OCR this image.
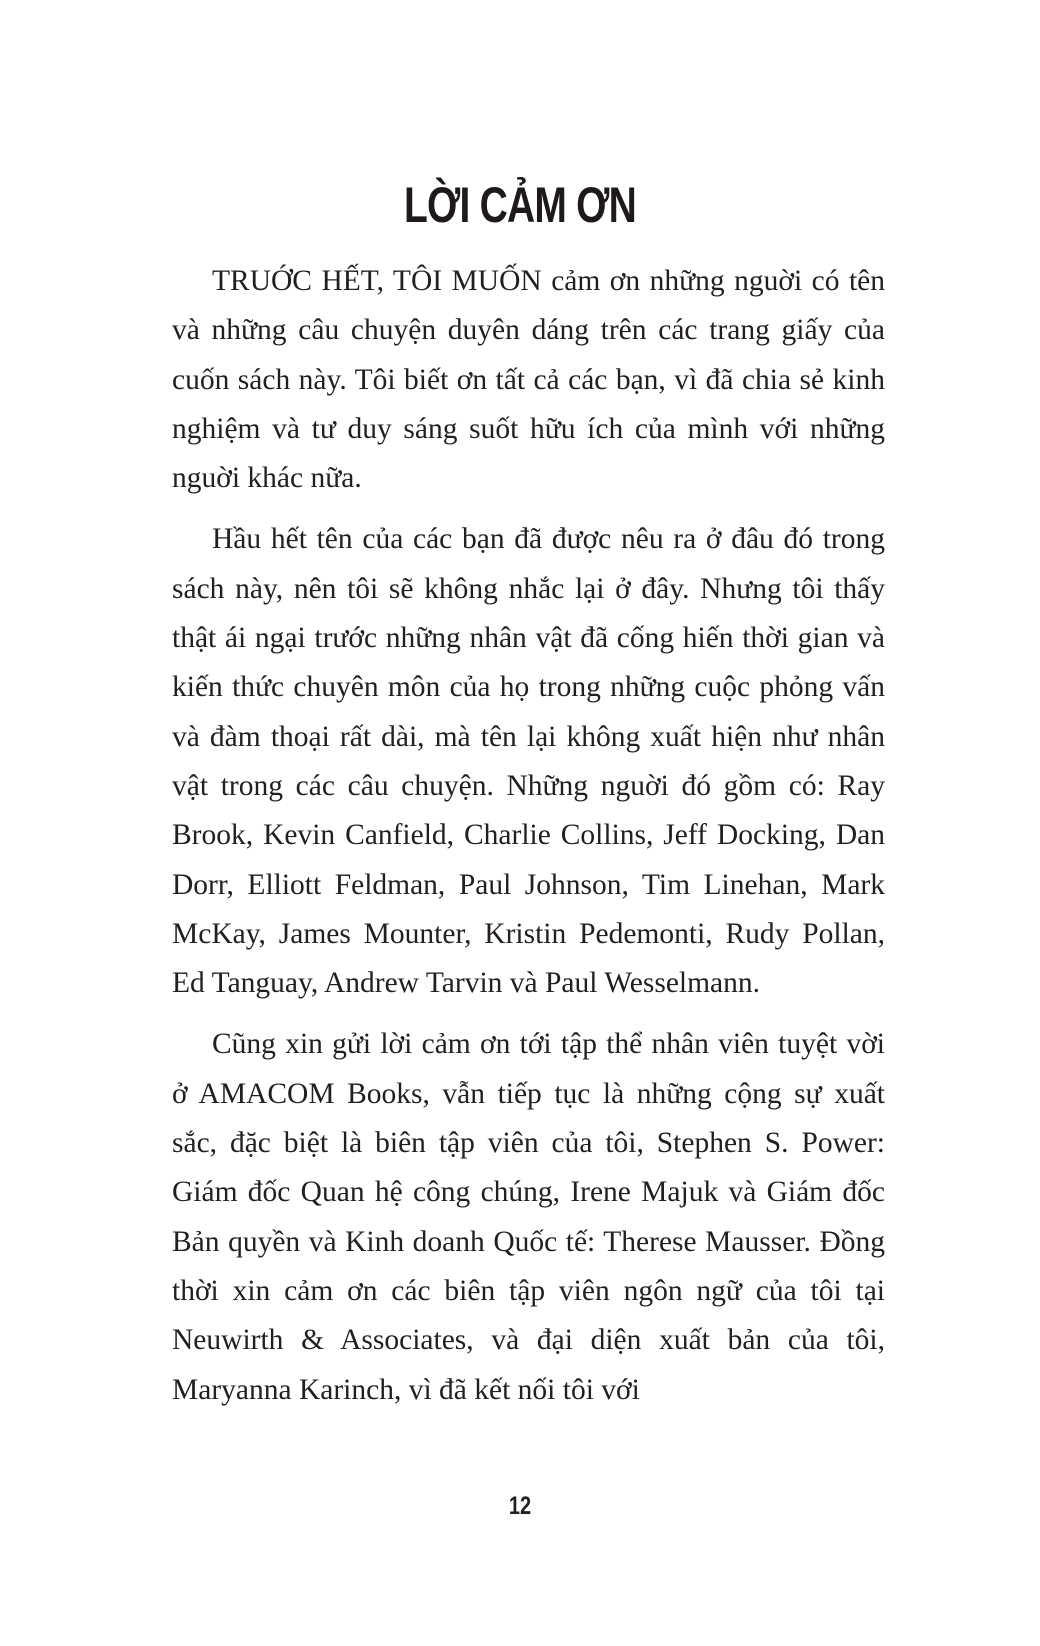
LỜI CẢM ƠN

TRUỚC HẾT, TÔI MUỐN cảm ơn những nguời có tên và những câu chuyện duyên dáng trên các trang giấy của cuốn sách này. Tôi biết ơn tất cả các bạn, vì đã chia sẻ kinh nghiệm và tư duy sáng suốt hữu ích của mình với những nguời khác nữa.

Hầu hết tên của các bạn đã được nêu ra ở đâu đó trong sách này, nên tôi sẽ không nhắc lại ở đây. Nhưng tôi thấy thật ái ngại trước những nhân vật đã cống hiến thời gian và kiến thức chuyên môn của họ trong những cuộc phỏng vấn và đàm thoại rất dài, mà tên lại không xuất hiện như nhân vật trong các câu chuyện. Những nguời đó gồm có: Ray Brook, Kevin Canfield, Charlie Collins, Jeff Docking, Dan Dorr, Elliott Feldman, Paul Johnson, Tim Linehan, Mark McKay, James Mounter, Kristin Pedemonti, Rudy Pollan, Ed Tanguay, Andrew Tarvin và Paul Wesselmann.

Cũng xin gửi lời cảm ơn tới tập thể nhân viên tuyệt vời ở AMACOM Books, vẫn tiếp tục là những cộng sự xuất sắc, đặc biệt là biên tập viên của tôi, Stephen S. Power: Giám đốc Quan hệ công chúng, Irene Majuk và Giám đốc Bản quyền và Kinh doanh Quốc tế: Therese Mausser. Đồng thời xin cảm ơn các biên tập viên ngôn ngữ của tôi tại Neuwirth & Associates, và đại diện xuất bản của tôi, Maryanna Karinch, vì đã kết nối tôi với

12
